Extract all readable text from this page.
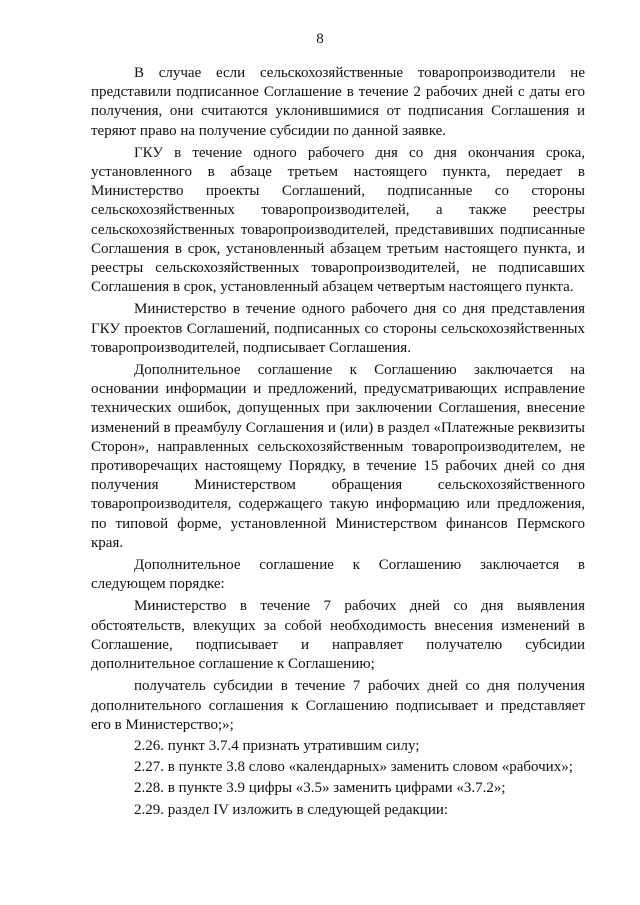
8

В случае если сельскохозяйственные товаропроизводители не представили подписанное Соглашение в течение 2 рабочих дней с даты его получения, они считаются уклонившимися от подписания Соглашения и теряют право на получение субсидии по данной заявке.

ГКУ в течение одного рабочего дня со дня окончания срока, установленного в абзаце третьем настоящего пункта, передает в Министерство проекты Соглашений, подписанные со стороны сельскохозяйственных товаропроизводителей, а также реестры сельскохозяйственных товаропроизводителей, представивших подписанные Соглашения в срок, установленный абзацем третьим настоящего пункта, и реестры сельскохозяйственных товаропроизводителей, не подписавших Соглашения в срок, установленный абзацем четвертым настоящего пункта.

Министерство в течение одного рабочего дня со дня представления ГКУ проектов Соглашений, подписанных со стороны сельскохозяйственных товаропроизводителей, подписывает Соглашения.

Дополнительное соглашение к Соглашению заключается на основании информации и предложений, предусматривающих исправление технических ошибок, допущенных при заключении Соглашения, внесение изменений в преамбулу Соглашения и (или) в раздел «Платежные реквизиты Сторон», направленных сельскохозяйственным товаропроизводителем, не противоречащих настоящему Порядку, в течение 15 рабочих дней со дня получения Министерством обращения сельскохозяйственного товаропроизводителя, содержащего такую информацию или предложения, по типовой форме, установленной Министерством финансов Пермского края.

Дополнительное соглашение к Соглашению заключается в следующем порядке:

Министерство в течение 7 рабочих дней со дня выявления обстоятельств, влекущих за собой необходимость внесения изменений в Соглашение, подписывает и направляет получателю субсидии дополнительное соглашение к Соглашению;

получатель субсидии в течение 7 рабочих дней со дня получения дополнительного соглашения к Соглашению подписывает и представляет его в Министерство;»;

2.26. пункт 3.7.4 признать утратившим силу;

2.27. в пункте 3.8 слово «календарных» заменить словом «рабочих»;

2.28. в пункте 3.9 цифры «3.5» заменить цифрами «3.7.2»;

2.29. раздел IV изложить в следующей редакции:
